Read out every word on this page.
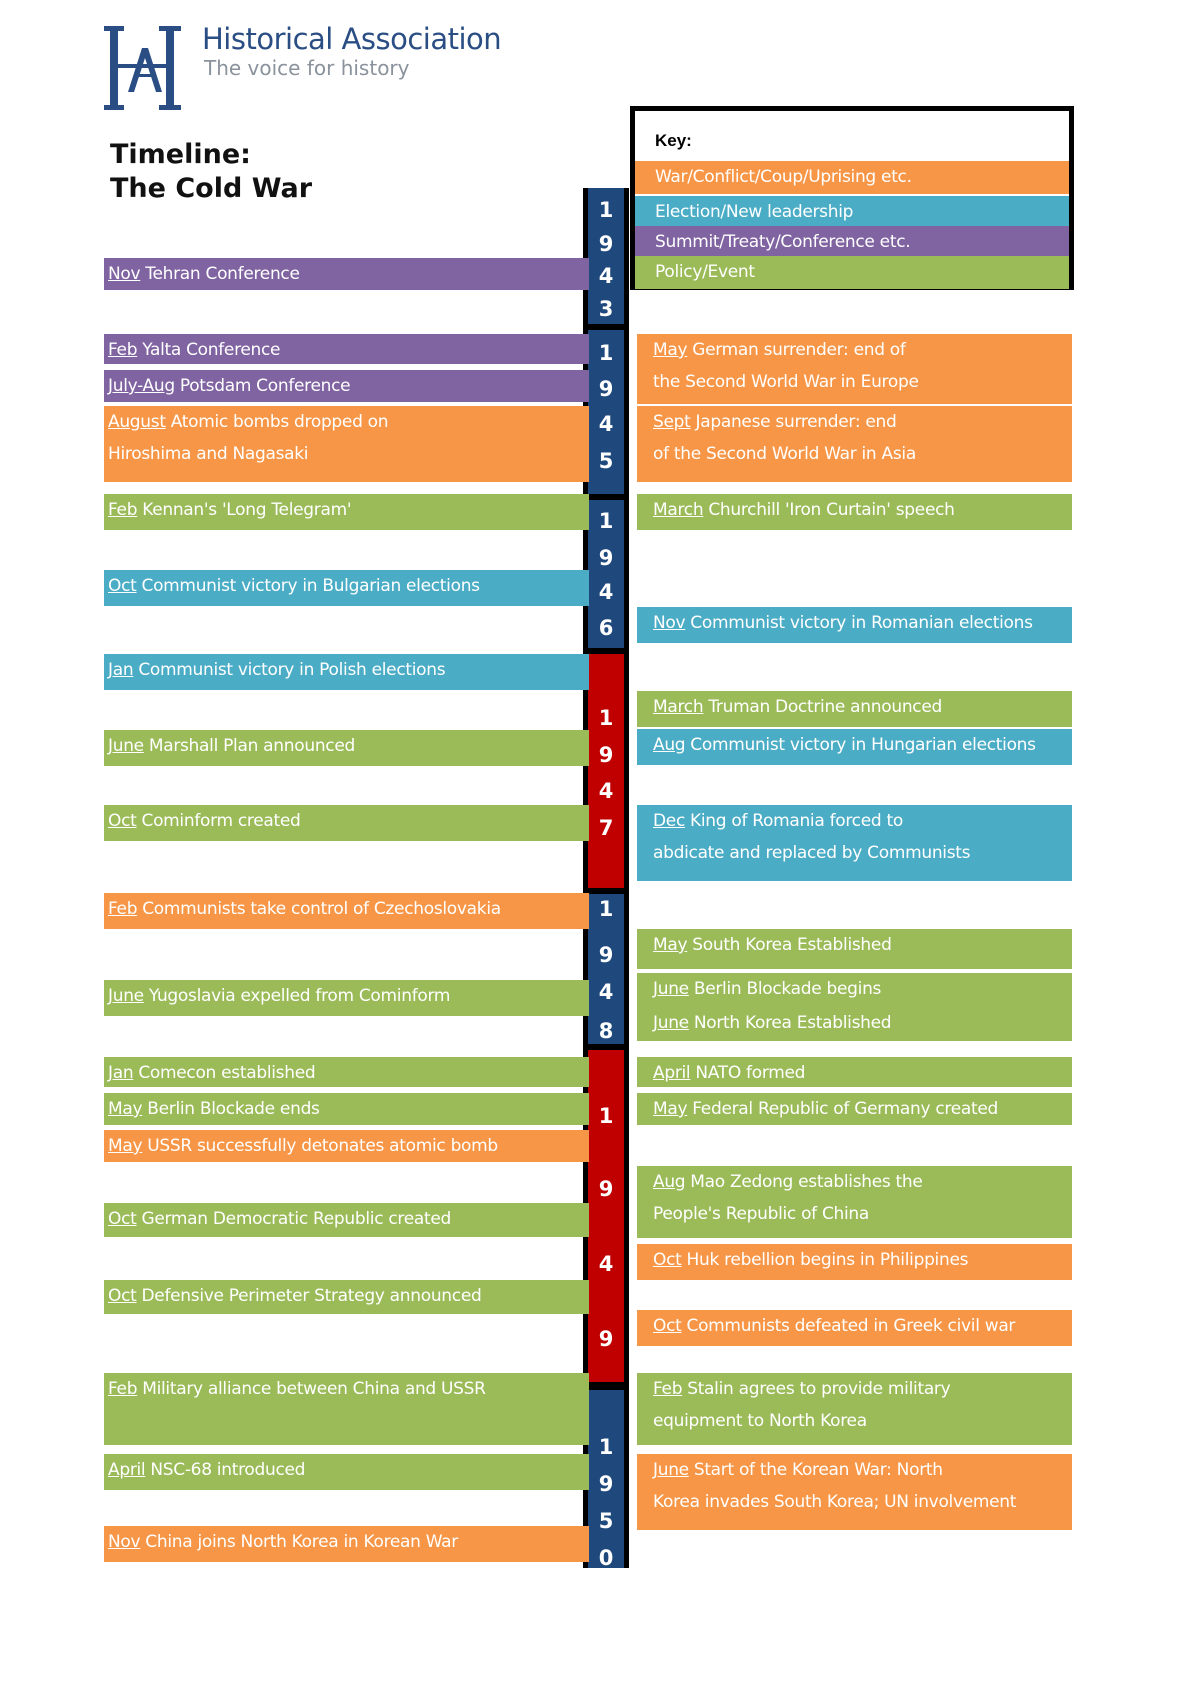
Historical Association
The voice for history
Timeline:
The Cold War
Key:
War/Conflict/Coup/Uprising etc.
Election/New leadership
Summit/Treaty/Conference etc.
Policy/Event
1
9
4
3
1
9
4
5
1
9
4
6
1
9
4
7
1
9
4
8
1
9
4
9
1
9
5
0
Nov Tehran Conference
Feb Yalta Conference
July-Aug Potsdam Conference
August Atomic bombs dropped on
Hiroshima and Nagasaki
May German surrender: end of
the Second World War in Europe
Sept Japanese surrender: end
of the Second World War in Asia
Feb Kennan's 'Long Telegram'
Oct Communist victory in Bulgarian elections
March Churchill 'Iron Curtain' speech
Nov Communist victory in Romanian elections
Jan Communist victory in Polish elections
June Marshall Plan announced
Oct Cominform created
March Truman Doctrine announced
Aug Communist victory in Hungarian elections
Dec King of Romania forced to
abdicate and replaced by Communists
Feb Communists take control of Czechoslovakia
June Yugoslavia expelled from Cominform
May South Korea Established
June Berlin Blockade begins
June North Korea Established
Jan Comecon established
May Berlin Blockade ends
May USSR successfully detonates atomic bomb
Oct German Democratic Republic created
Oct Defensive Perimeter Strategy announced
April NATO formed
May Federal Republic of Germany created
Aug Mao Zedong establishes the
People's Republic of China
Oct Huk rebellion begins in Philippines
Oct Communists defeated in Greek civil war
Feb Military alliance between China and USSR
April NSC-68 introduced
Nov China joins North Korea in Korean War
Feb Stalin agrees to provide military
equipment to North Korea
June Start of the Korean War: North
Korea invades South Korea; UN involvement
